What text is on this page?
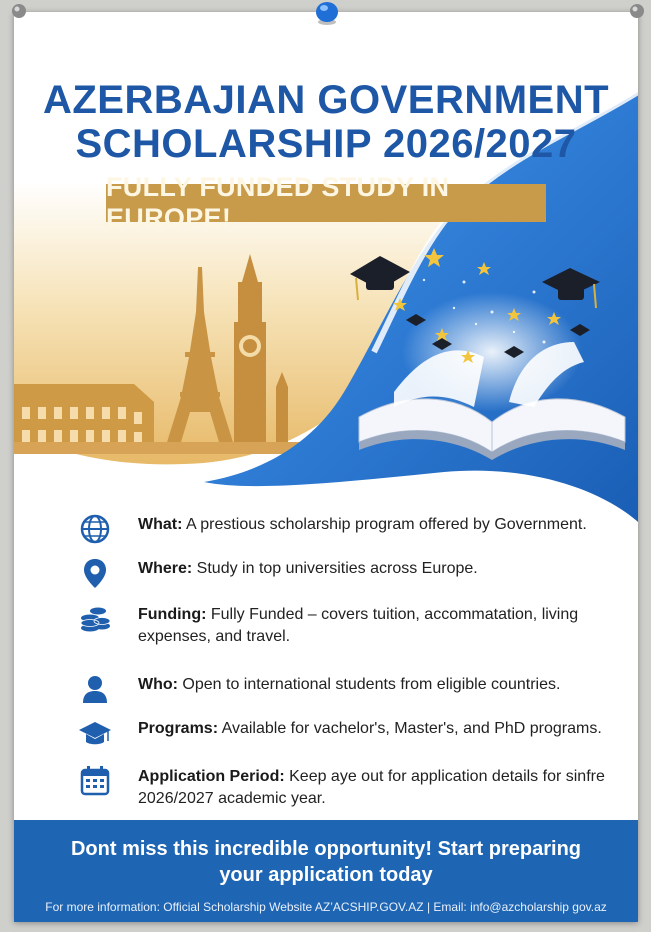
AZERBAJIAN GOVERNMENT
SCHOLARSHIP 2026/2027
FULLY FUNDED STUDY IN EUROPE!
What: A prestious scholarship program offered by Government.
Where: Study in top universities across Europe.
Funding: Fully Funded – covers tuition, accommatation, living expenses, and travel.
Who: Open to international students from eligible countries.
Programs: Available for vachelor's, Master's, and PhD programs.
Application Period: Keep aye out for application details for sinfre 2026/2027 academic year.
Dont miss this incredible opportunity! Start preparing your application today
For more information: Official Scholarship Website AZ’ACSHIP.GOV.AZ | Email: info@azcholarship gov.az
